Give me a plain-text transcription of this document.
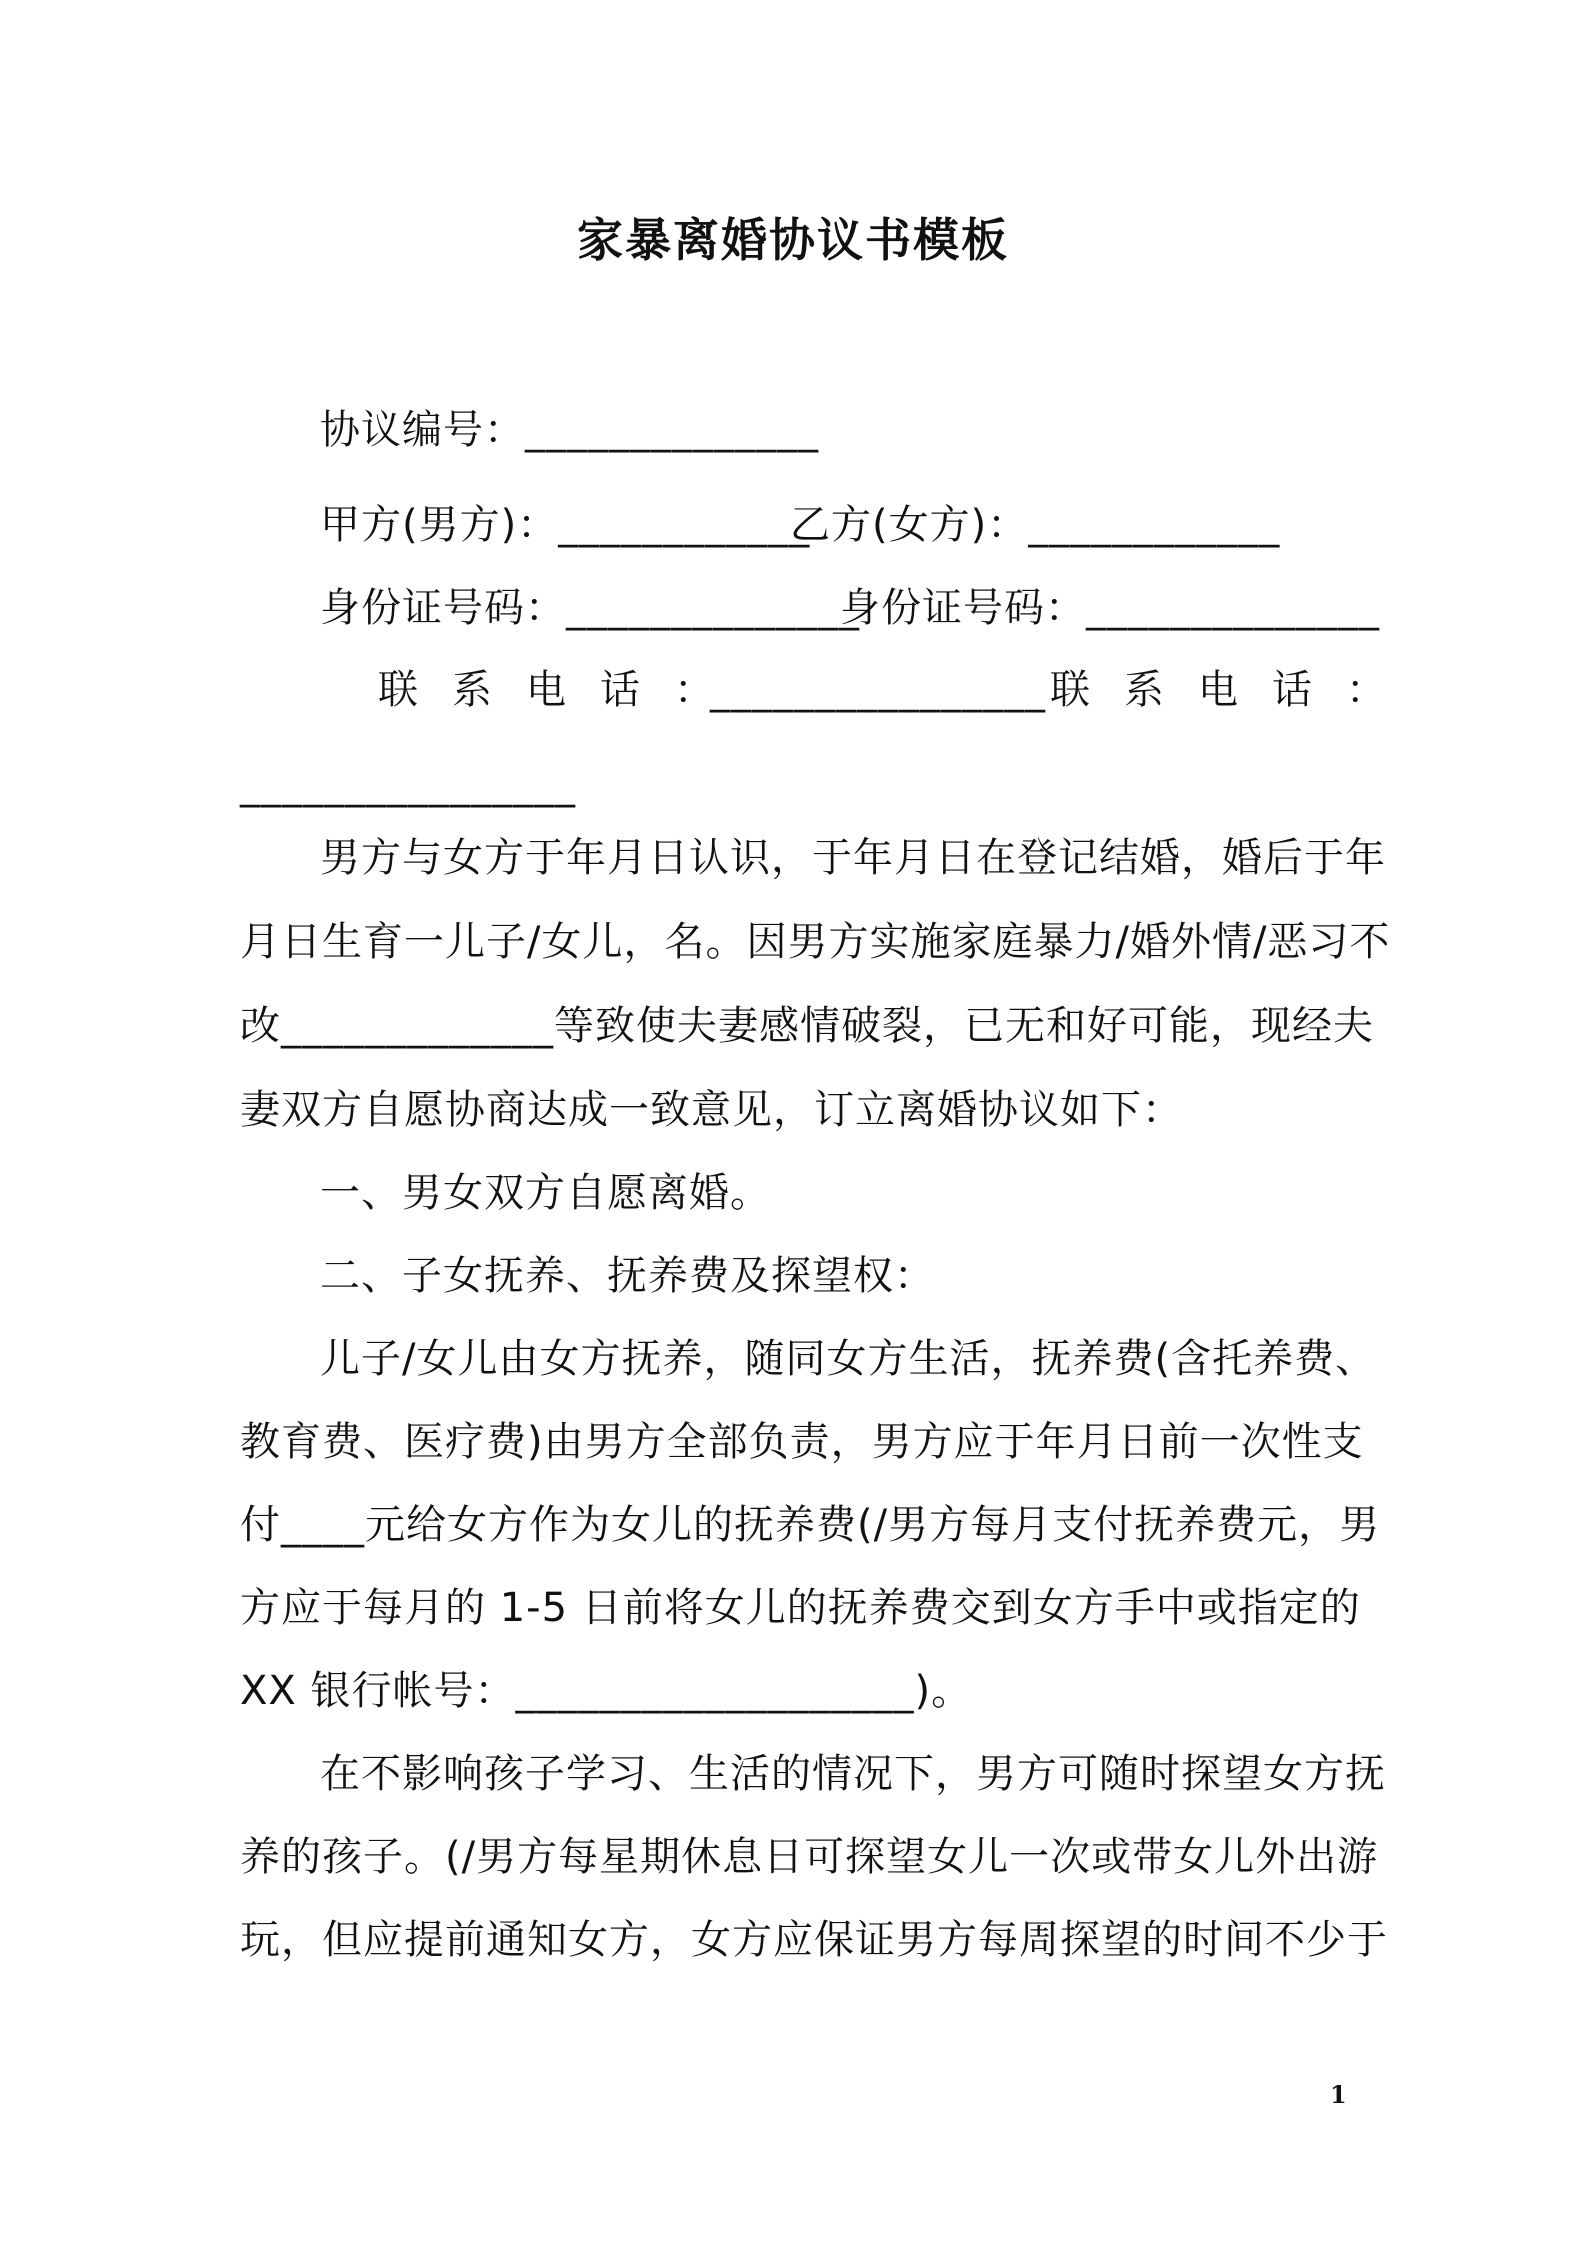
家暴离婚协议书模板
协议编号：______________
甲方(男方)：____________
乙方(女方)：____________
身份证号码：______________
身份证号码：______________
联系电话：
________________ 联系电话：
________________
男方与女方于年月日认识，于年月日在登记结婚，婚后于年
月日生育一儿子/女儿，名。因男方实施家庭暴力/婚外情/恶习不
改_____________等致使夫妻感情破裂，已无和好可能，现经夫
妻双方自愿协商达成一致意见，订立离婚协议如下：
一、男女双方自愿离婚。
二、子女抚养、抚养费及探望权：
儿子/女儿由女方抚养，随同女方生活，抚养费(含托养费、
教育费、医疗费)由男方全部负责，男方应于年月日前一次性支
付____元给女方作为女儿的抚养费(/男方每月支付抚养费元，男
方应于每月的 1-5 日前将女儿的抚养费交到女方手中或指定的
XX 银行帐号：___________________)。
在不影响孩子学习、生活的情况下，男方可随时探望女方抚
养的孩子。(/男方每星期休息日可探望女儿一次或带女儿外出游
玩，但应提前通知女方，女方应保证男方每周探望的时间不少于
1
